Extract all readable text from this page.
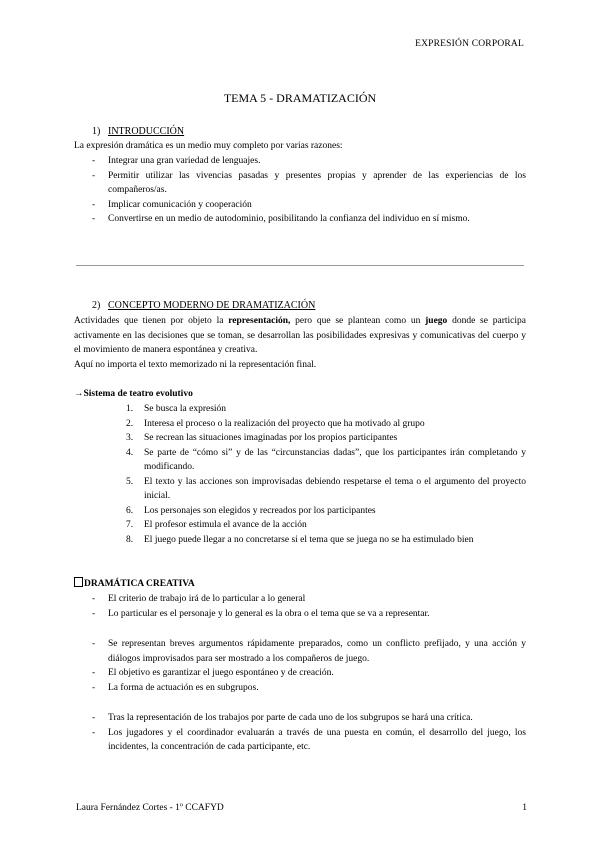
EXPRESIÓN CORPORAL
TEMA 5 - DRAMATIZACIÓN
1) INTRODUCCIÓN
La expresión dramática es un medio muy completo por varias razones:
-	Integrar una gran variedad de lenguajes.
-	Permitir utilizar las vivencias pasadas y presentes propias y aprender de las experiencias de los compañeros/as.
-	Implicar comunicación y cooperación
-	Convertirse en un medio de autodominio, posibilitando la confianza del individuo en sí mismo.
2) CONCEPTO MODERNO DE DRAMATIZACIÓN
Actividades que tienen por objeto la representación, pero que se plantean como un juego donde se participa activamente en las decisiones que se toman, se desarrollan las posibilidades expresivas y comunicativas del cuerpo y el movimiento de manera espontánea y creativa.
Aquí no importa el texto memorizado ni la representación final.
→Sistema de teatro evolutivo
1.	Se busca la expresión
2.	Interesa el proceso o la realización del proyecto que ha motivado al grupo
3.	Se recrean las situaciones imaginadas por los propios participantes
4.	Se parte de “cómo si” y de las “circunstancias dadas”, que los participantes irán completando y modificando.
5.	El texto y las acciones son improvisadas debiendo respetarse el tema o el argumento del proyecto inicial.
6.	Los personajes son elegidos y recreados por los participantes
7.	El profesor estimula el avance de la acción
8.	El juego puede llegar a no concretarse si el tema que se juega no se ha estimulado bien
DRAMÁTICA CREATIVA
-	El criterio de trabajo irá de lo particular a lo general
-	Lo particular es el personaje y lo general es la obra o el tema que se va a representar.
-	Se representan breves argumentos rápidamente preparados, como un conflicto prefijado, y una acción y diálogos improvisados para ser mostrado a los compañeros de juego.
-	El objetivo es garantizar el juego espontáneo y de creación.
-	La forma de actuación es en subgrupos.
-	Tras la representación de los trabajos por parte de cada uno de los subgrupos se hará una crítica.
-	Los jugadores y el coordinador evaluarán a través de una puesta en común, el desarrollo del juego, los incidentes, la concentración de cada participante, etc.
Laura Fernández Cortes - 1º CCAFYD	1
